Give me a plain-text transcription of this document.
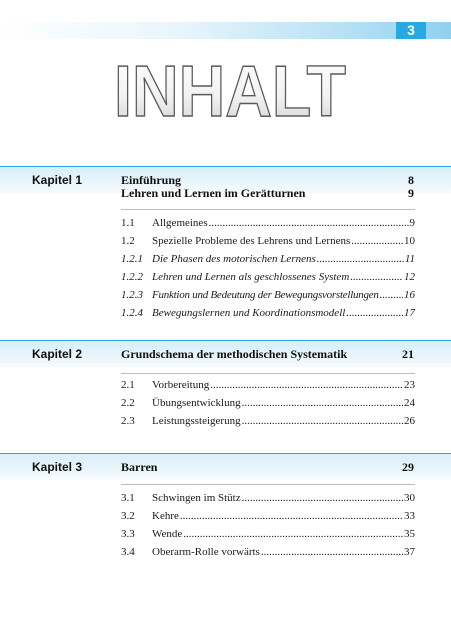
3
INHALT
Kapitel 1	Einführung	8
Lehren und Lernen im Gerätturnen	9
1.1	Allgemeines .....	9
1.2	Spezielle Probleme des Lehrens und Lernens .....	10
1.2.1 Die Phasen des motorischen Lernens .....	11
1.2.2 Lehren und Lernen als geschlossenes System .....	12
1.2.3 Funktion und Bedeutung der Bewegungsvorstellungen ..... 16
1.2.4 Bewegungslernen und Koordinationsmodell .....	17
Kapitel 2	Grundschema der methodischen Systematik	21
2.1	Vorbereitung .....	23
2.2	Übungsentwicklung .....	24
2.3	Leistungssteigerung .....	26
Kapitel 3	Barren	29
3.1	Schwingen im Stütz .....	30
3.2	Kehre .....	33
3.3	Wende .....	35
3.4	Oberarm-Rolle vorwärts .....	37
